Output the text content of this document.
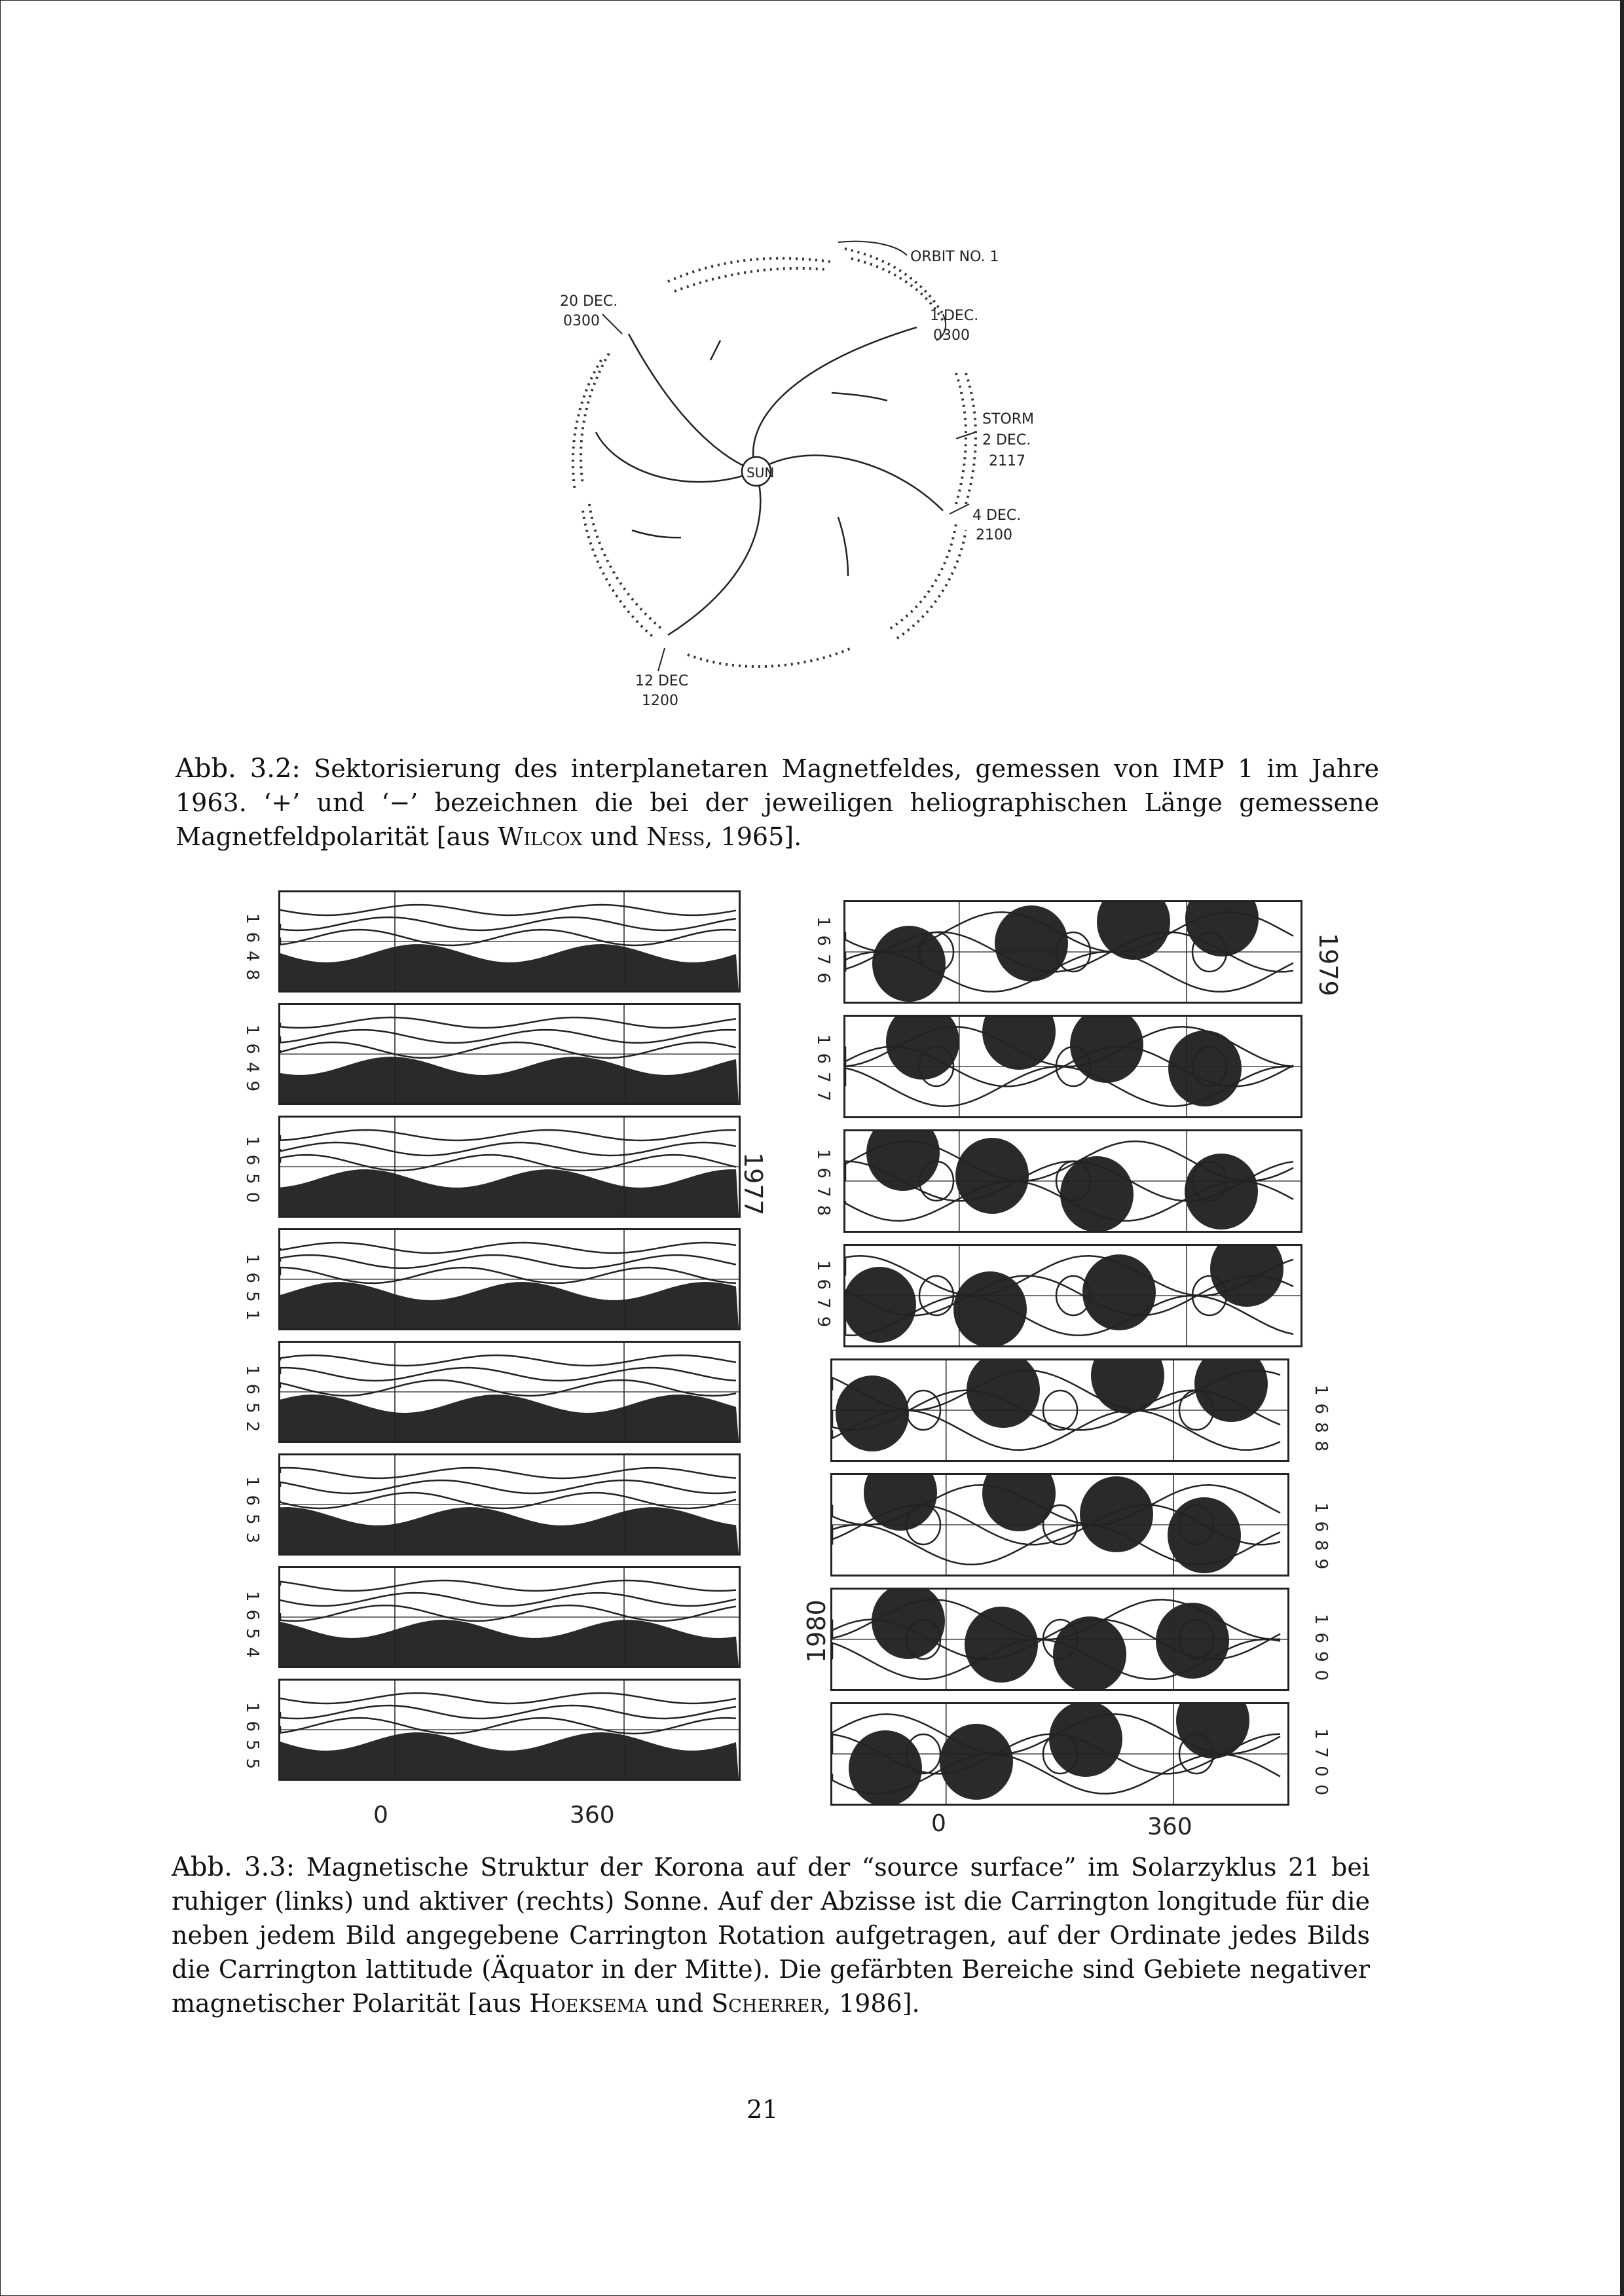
SUN
ORBIT NO. 1
20 DEC.
0300	1 DEC.
0300
STORM
2 DEC.
2117
4 DEC.
2100
12 DEC
1200
Abb. 3.2: Sektorisierung des interplanetaren Magnetfeldes, gemessen von IMP 1 im Jahre 1963. ‘+’ und ‘−’ bezeichnen die bei der jeweiligen heliographischen Länge gemessene Magnetfeldpolarität [aus Wilcox und Ness, 1965].
1648
1649
1650
1651
1652
1653
1654
1655
1676
1677
1678
1679
1688
1689
1690
1700
1977
1979
1980
0	360	0	360
Abb. 3.3: Magnetische Struktur der Korona auf der “source surface” im Solarzyklus 21 bei ruhiger (links) und aktiver (rechts) Sonne. Auf der Abzisse ist die Carrington longitude für die neben jedem Bild angegebene Carrington Rotation aufgetragen, auf der Ordinate jedes Bilds die Carrington lattitude (Äquator in der Mitte). Die gefärbten Bereiche sind Gebiete negativer magnetischer Polarität [aus Hoeksema und Scherrer, 1986].
21
